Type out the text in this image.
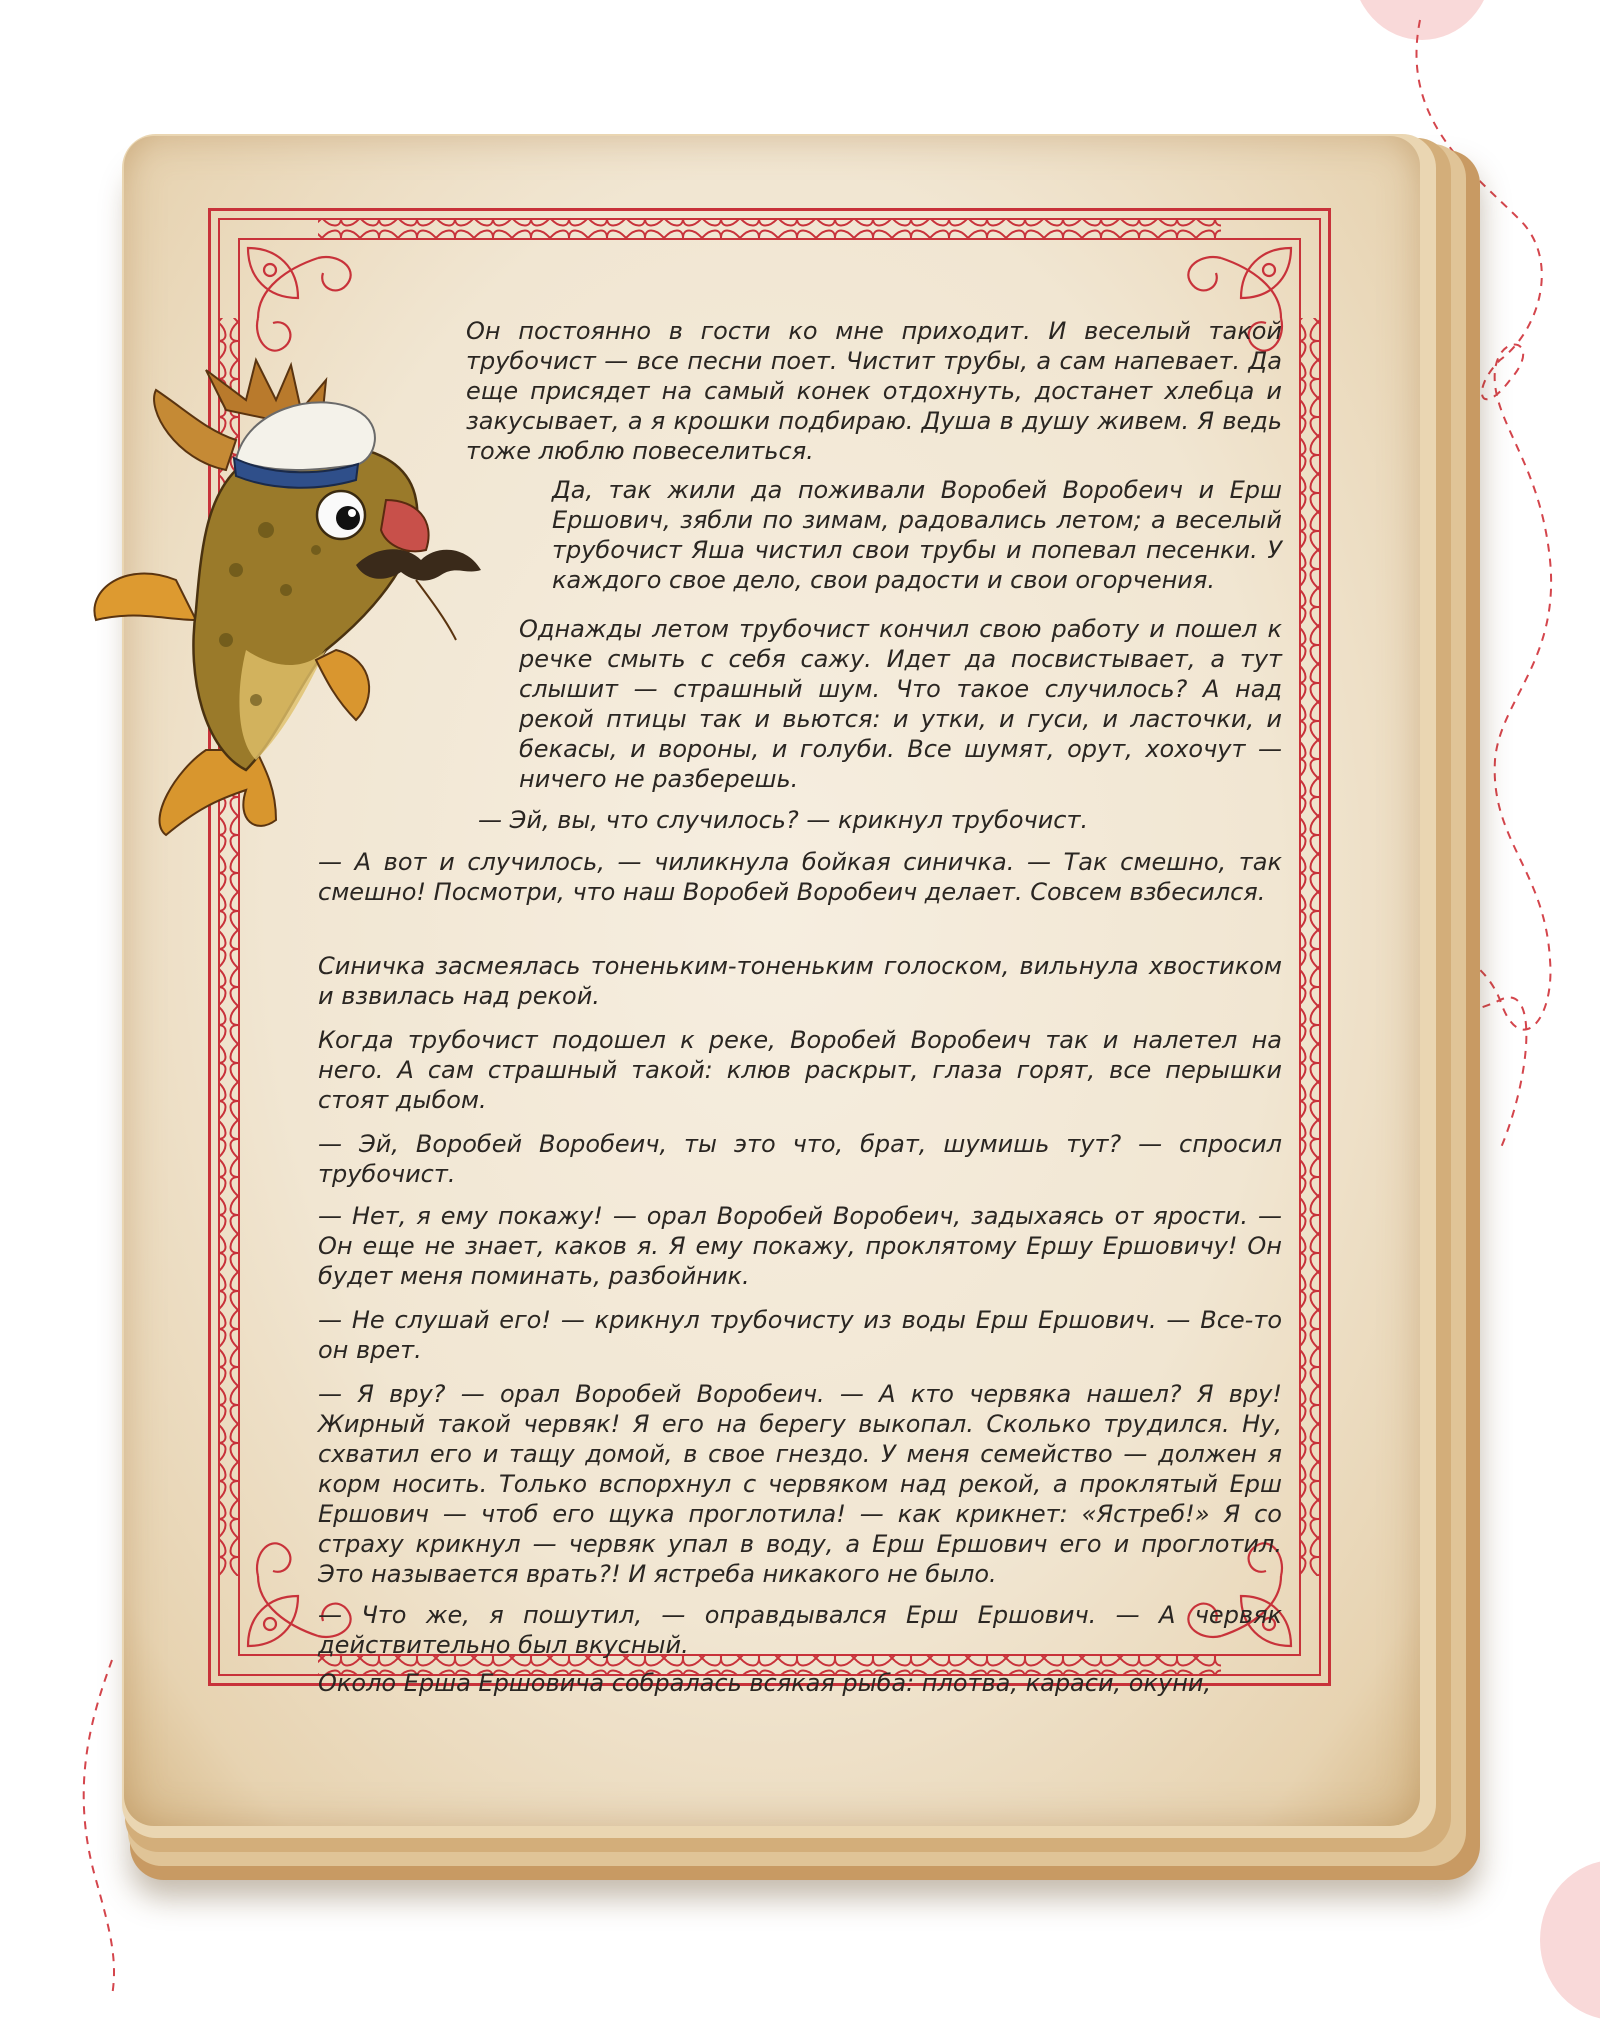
Он постоянно в гости ко мне приходит. И веселый такой трубочист — все песни поет. Чистит трубы, а сам напевает. Да еще присядет на самый конек отдохнуть, достанет хлебца и закусывает, а я крошки подбираю. Душа в душу живем. Я ведь тоже люблю повеселиться.

Да, так жили да поживали Воробей Воробеич и Ерш Ершович, зябли по зимам, радовались летом; а веселый трубочист Яша чистил свои трубы и попевал песенки. У каждого свое дело, свои радости и свои огорчения.

Однажды летом трубочист кончил свою работу и пошел к речке смыть с себя сажу. Идет да посвистывает, а тут слышит — страшный шум. Что такое случилось? А над рекой птицы так и вьются: и утки, и гуси, и ласточки, и бекасы, и вороны, и голуби. Все шумят, орут, хохочут — ничего не разберешь.

— Эй, вы, что случилось? — крикнул трубочист.

— А вот и случилось, — чиликнула бойкая синичка. — Так смешно, так смешно! Посмотри, что наш Воробей Воробеич делает. Совсем взбесился.

Синичка засмеялась тоненьким-тоненьким голоском, вильнула хвостиком и взвилась над рекой.

Когда трубочист подошел к реке, Воробей Воробеич так и налетел на него. А сам страшный такой: клюв раскрыт, глаза горят, все перышки стоят дыбом.

— Эй, Воробей Воробеич, ты это что, брат, шумишь тут? — спросил трубочист.

— Нет, я ему покажу! — орал Воробей Воробеич, задыхаясь от ярости. — Он еще не знает, каков я. Я ему покажу, проклятому Ершу Ершовичу! Он будет меня поминать, разбойник.

— Не слушай его! — крикнул трубочисту из воды Ерш Ершович. — Все-то он врет.

— Я вру? — орал Воробей Воробеич. — А кто червяка нашел? Я вру! Жирный такой червяк! Я его на берегу выкопал. Сколько трудился. Ну, схватил его и тащу домой, в свое гнездо. У меня семейство — должен я корм носить. Только вспорхнул с червяком над рекой, а проклятый Ерш Ершович — чтоб его щука проглотила! — как крикнет: «Ястреб!» Я со страху крикнул — червяк упал в воду, а Ерш Ершович его и проглотил. Это называется врать?! И ястреба никакого не было.

— Что же, я пошутил, — оправдывался Ерш Ершович. — А червяк действительно был вкусный.

Около Ерша Ершовича собралась всякая рыба: плотва, караси, окуни,
